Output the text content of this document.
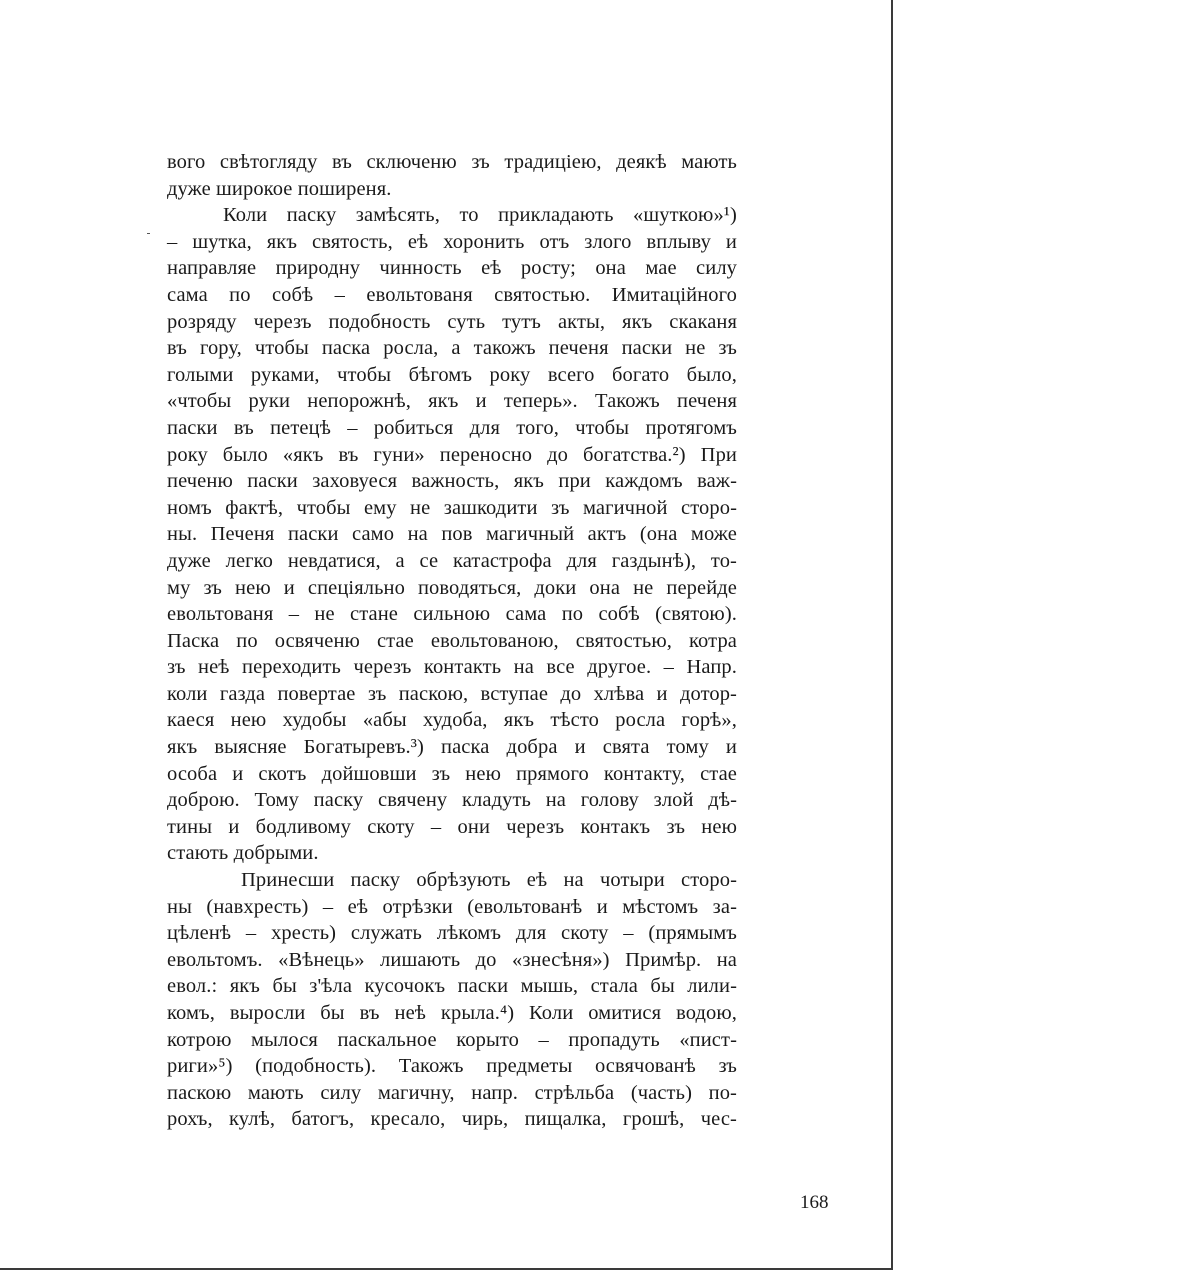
вого свѣтогляду въ сключеню зъ традиціею, деякѣ мають
дуже широкое поширеня.
Коли паску замѣсять, то прикладають «шуткою»¹)
– шутка, якъ святость, еѣ хоронить отъ злого вплыву и
направляе природну чинность еѣ росту; она мае силу
сама по собѣ – евольтованя святостью. Имитаційного
розряду черезъ подобность суть тутъ акты, якъ скаканя
въ гору, чтобы паска росла, а такожъ печеня паски не зъ
голыми руками, чтобы бѣгомъ року всего богато было,
«чтобы руки непорожнѣ, якъ и теперь». Такожъ печеня
паски въ петецѣ – робиться для того, чтобы протягомъ
року было «якъ въ гуни» переносно до богатства.²) При
печеню паски заховуеся важность, якъ при каждомъ важ-
номъ фактѣ, чтобы ему не зашкодити зъ магичной сторо-
ны. Печеня паски само на пов магичный актъ (она може
дуже легко невдатися, а се катастрофа для газдынѣ), то-
му зъ нею и спеціяльно поводяться, доки она не перейде
евольтованя – не стане сильною сама по собѣ (святою).
Паска по освяченю стае евольтованою, святостью, котра
зъ неѣ переходить черезъ контакть на все другое. – Напр.
коли газда повертае зъ паскою, вступае до хлѣва и дотор-
каеся нею худобы «абы худоба, якъ тѣсто росла горѣ»,
якъ выясняе Богатыревъ.³) паска добра и свята тому и
особа и скотъ дойшовши зъ нею прямого контакту, стае
доброю. Тому паску свячену кладуть на голову злой дѣ-
тины и бодливому скоту – они черезъ контакъ зъ нею
стають добрыми.
Принесши паску обрѣзують еѣ на чотыри сторо-
ны (навхресть) – еѣ отрѣзки (евольтованѣ и мѣстомъ за-
цѣленѣ – хресть) служать лѣкомъ для скоту – (прямымъ
евольтомъ. «Вѣнець» лишають до «знесѣня») Примѣр. на
евол.: якъ бы з'ѣла кусочокъ паски мышь, стала бы лили-
комъ, выросли бы въ неѣ крыла.⁴) Коли омитися водою,
котрою мылося паскальное корыто – пропадуть «пист-
риги»⁵) (подобность). Такожъ предметы освячованѣ зъ
паскою мають силу магичну, напр. стрѣльба (часть) по-
рохъ, кулѣ, батогъ, кресало, чирь, пищалка, грошѣ, чес-
168
